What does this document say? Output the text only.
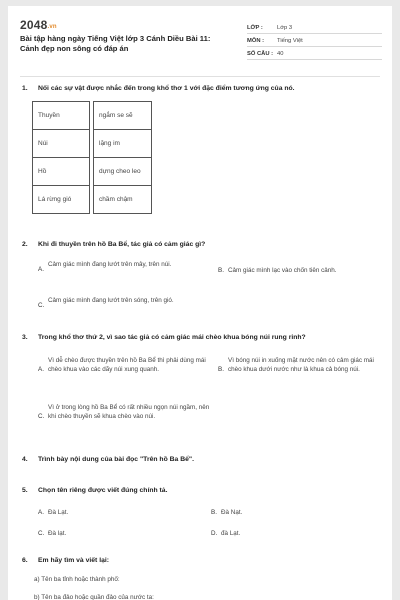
2048.vn
Bài tập hàng ngày Tiếng Việt lớp 3 Cánh Diều Bài 11: Cảnh đẹp non sông có đáp án
LỚP :	Lớp 3
MÔN :	Tiếng Việt
SỐ CÂU : 40
1.	Nối các sự vật được nhắc đến trong khổ thơ 1 với đặc điểm tương ứng của nó.
Thuyền		ngắm se sẽ
Núi		lặng im
Hồ		dựng cheo leo
Lá rừng gió		chầm chậm
2.	Khi đi thuyền trên hồ Ba Bể, tác giả có cảm giác gì?
A.
Cảm giác mình đang lướt trên mây, trên núi.
B. Cảm giác mình lạc vào chốn tiên cảnh.
C.
Cảm giác mình đang lướt trên sóng, trên gió.
3.	Trong khổ thơ thứ 2, vì sao tác giả có cảm giác mái chèo khua bóng núi rung rinh?
A.
Vì dễ chèo được thuyền trên hồ Ba Bể thì phải dùng mái chèo khua vào các dãy núi xung quanh.	B.
Vì bóng núi in xuống mặt nước nên có cảm giác mái chèo khua dưới nước như là khua cả bóng núi.
C.
Vì ở trong lòng hồ Ba Bể có rất nhiều ngọn núi ngầm, nên khi chèo thuyền sẽ khua chèo vào núi.
4.	Trình bày nội dung của bài đọc "Trên hồ Ba Bể".
5.	Chọn tên riêng được viết đúng chính tả.
A. Đà Lạt.	B. Đà Nạt.
C. Đà lạt.	D. đà Lạt.
6.	Em hãy tìm và viết lại:
a) Tên ba tỉnh hoặc thành phố:
b) Tên ba đảo hoặc quần đảo của nước ta:
